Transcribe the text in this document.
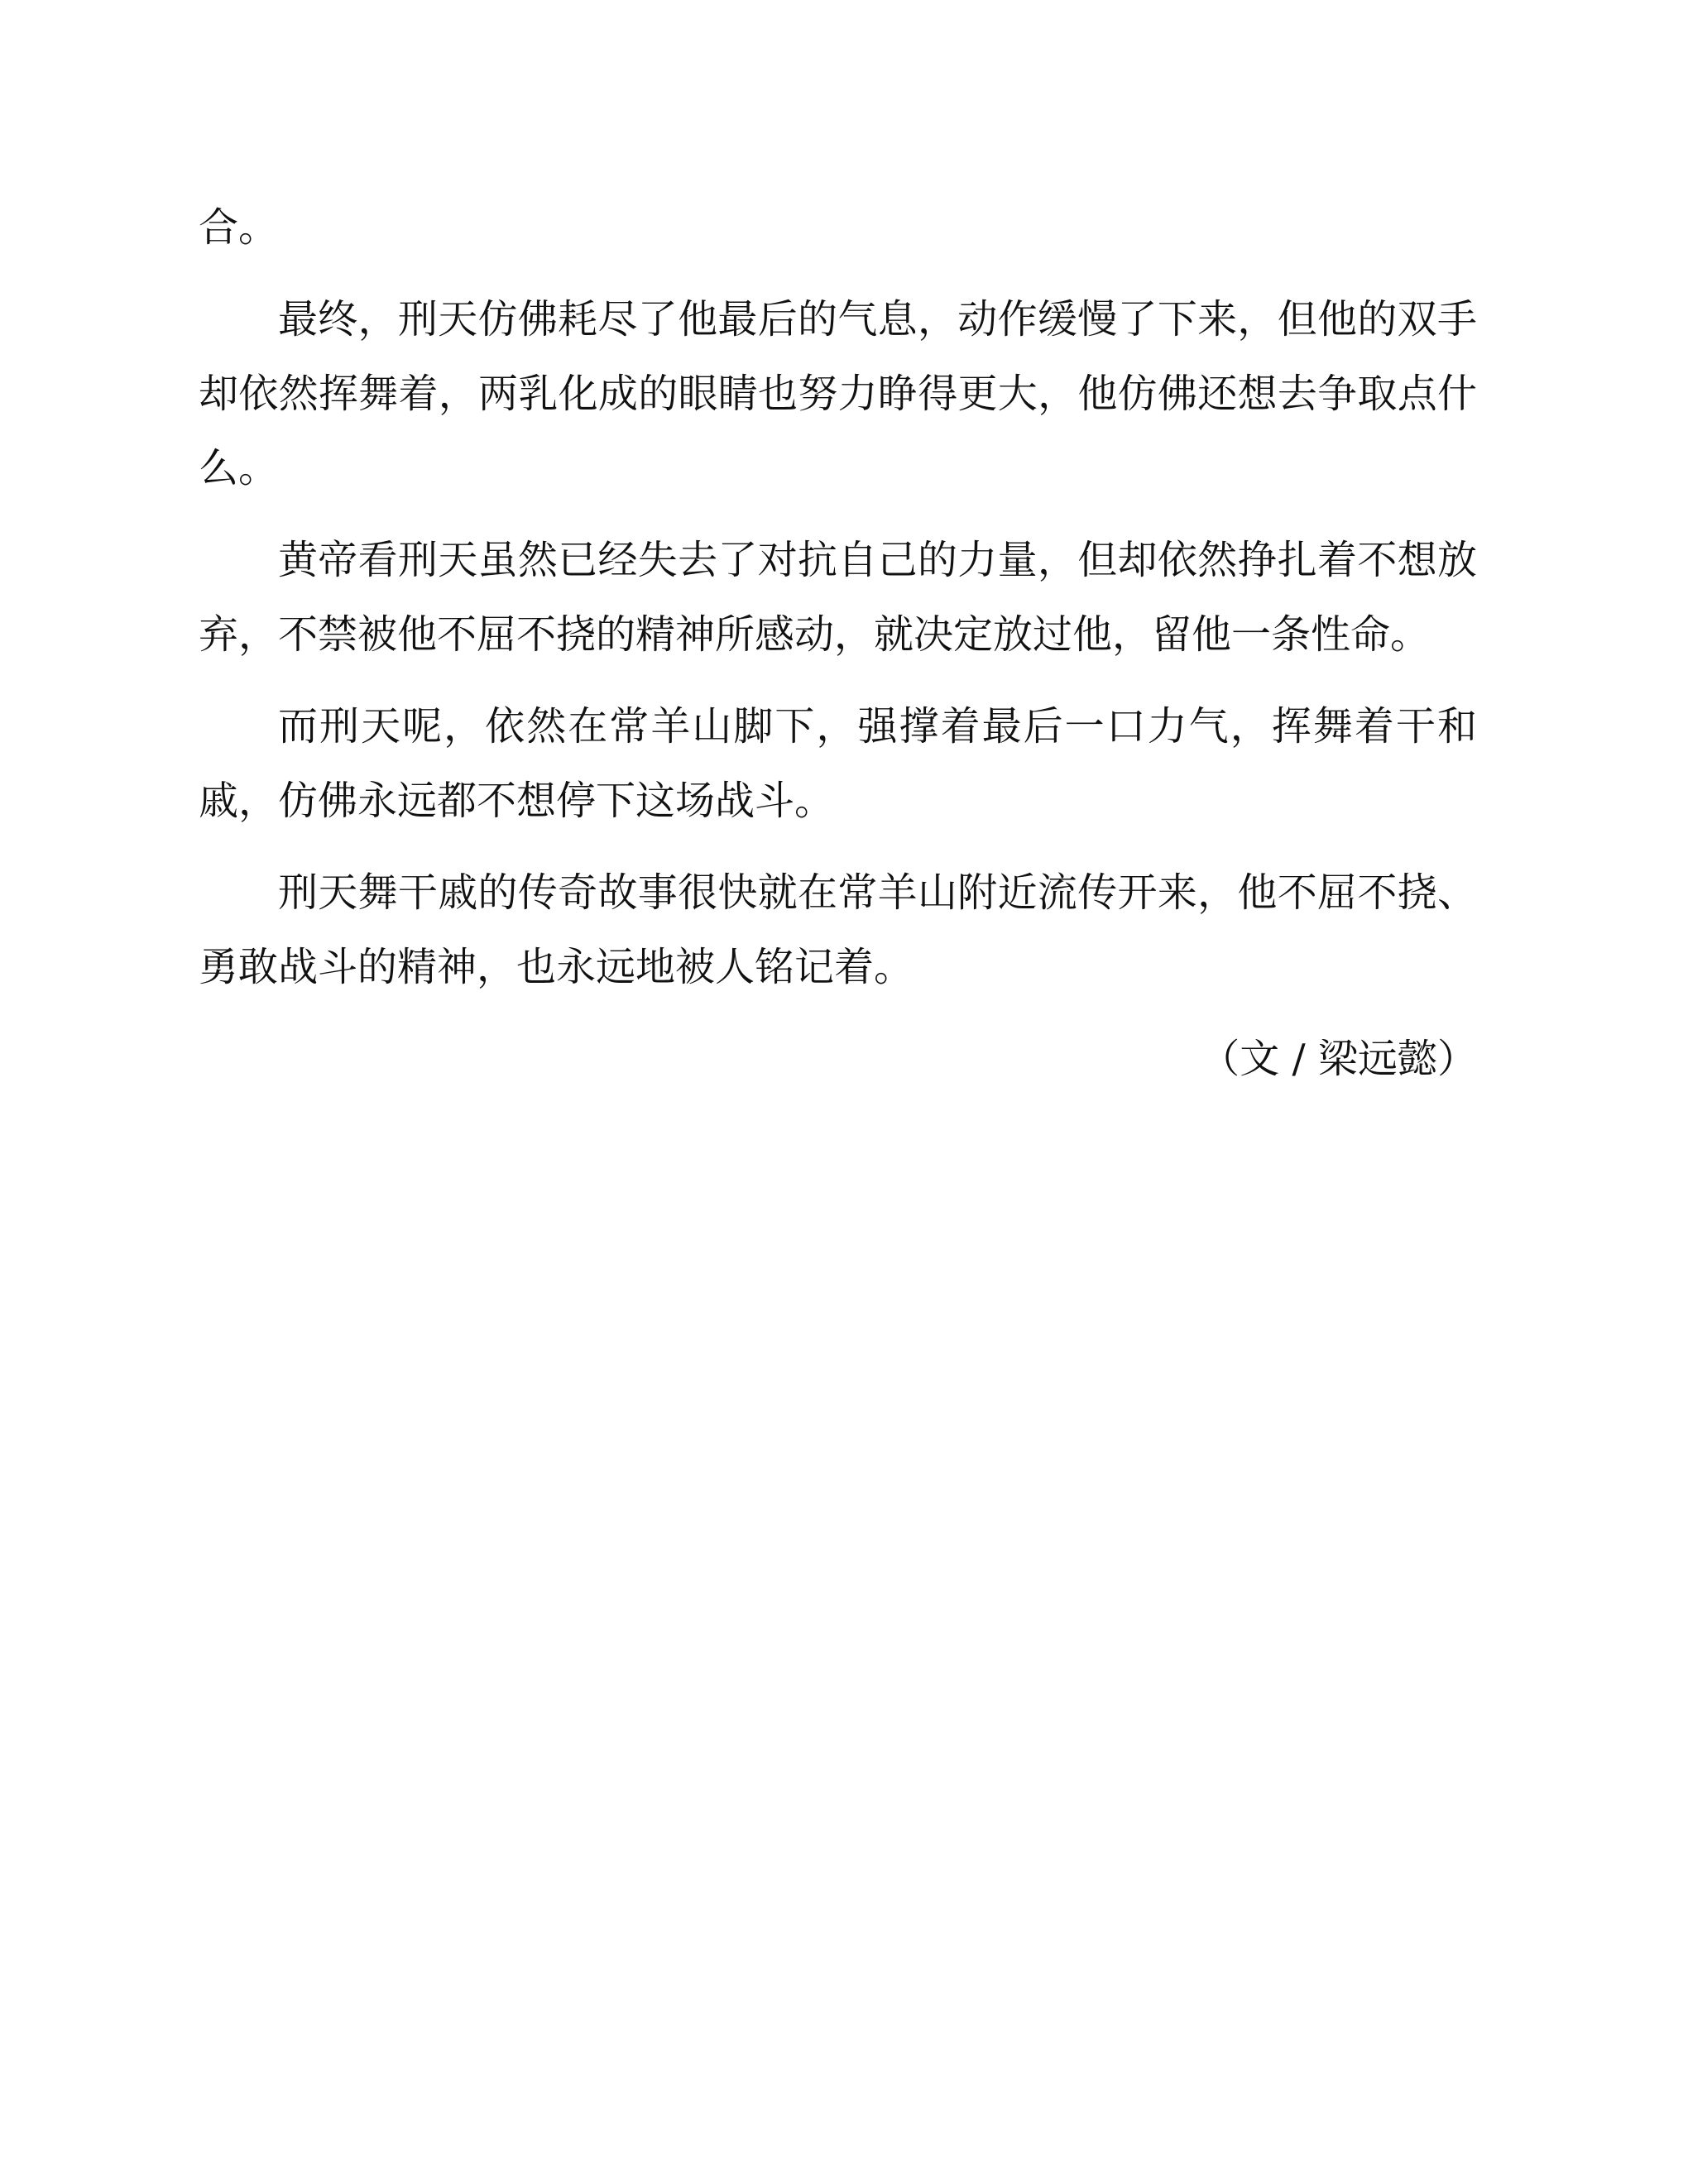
合。

最终，刑天仿佛耗尽了他最后的气息，动作缓慢了下来，但他的双手却依然挥舞着，两乳化成的眼睛也努力睁得更大，他仿佛还想去争取点什么。

黄帝看刑天虽然已经失去了对抗自己的力量，但却依然挣扎着不想放弃，不禁被他不屈不挠的精神所感动，就决定放过他，留他一条性命。

而刑天呢，依然在常羊山脚下，强撑着最后一口力气，挥舞着干和戚，仿佛永远都不想停下这场战斗。

刑天舞干戚的传奇故事很快就在常羊山附近流传开来，他不屈不挠、勇敢战斗的精神，也永远地被人铭记着。

（文 / 梁远懿）
